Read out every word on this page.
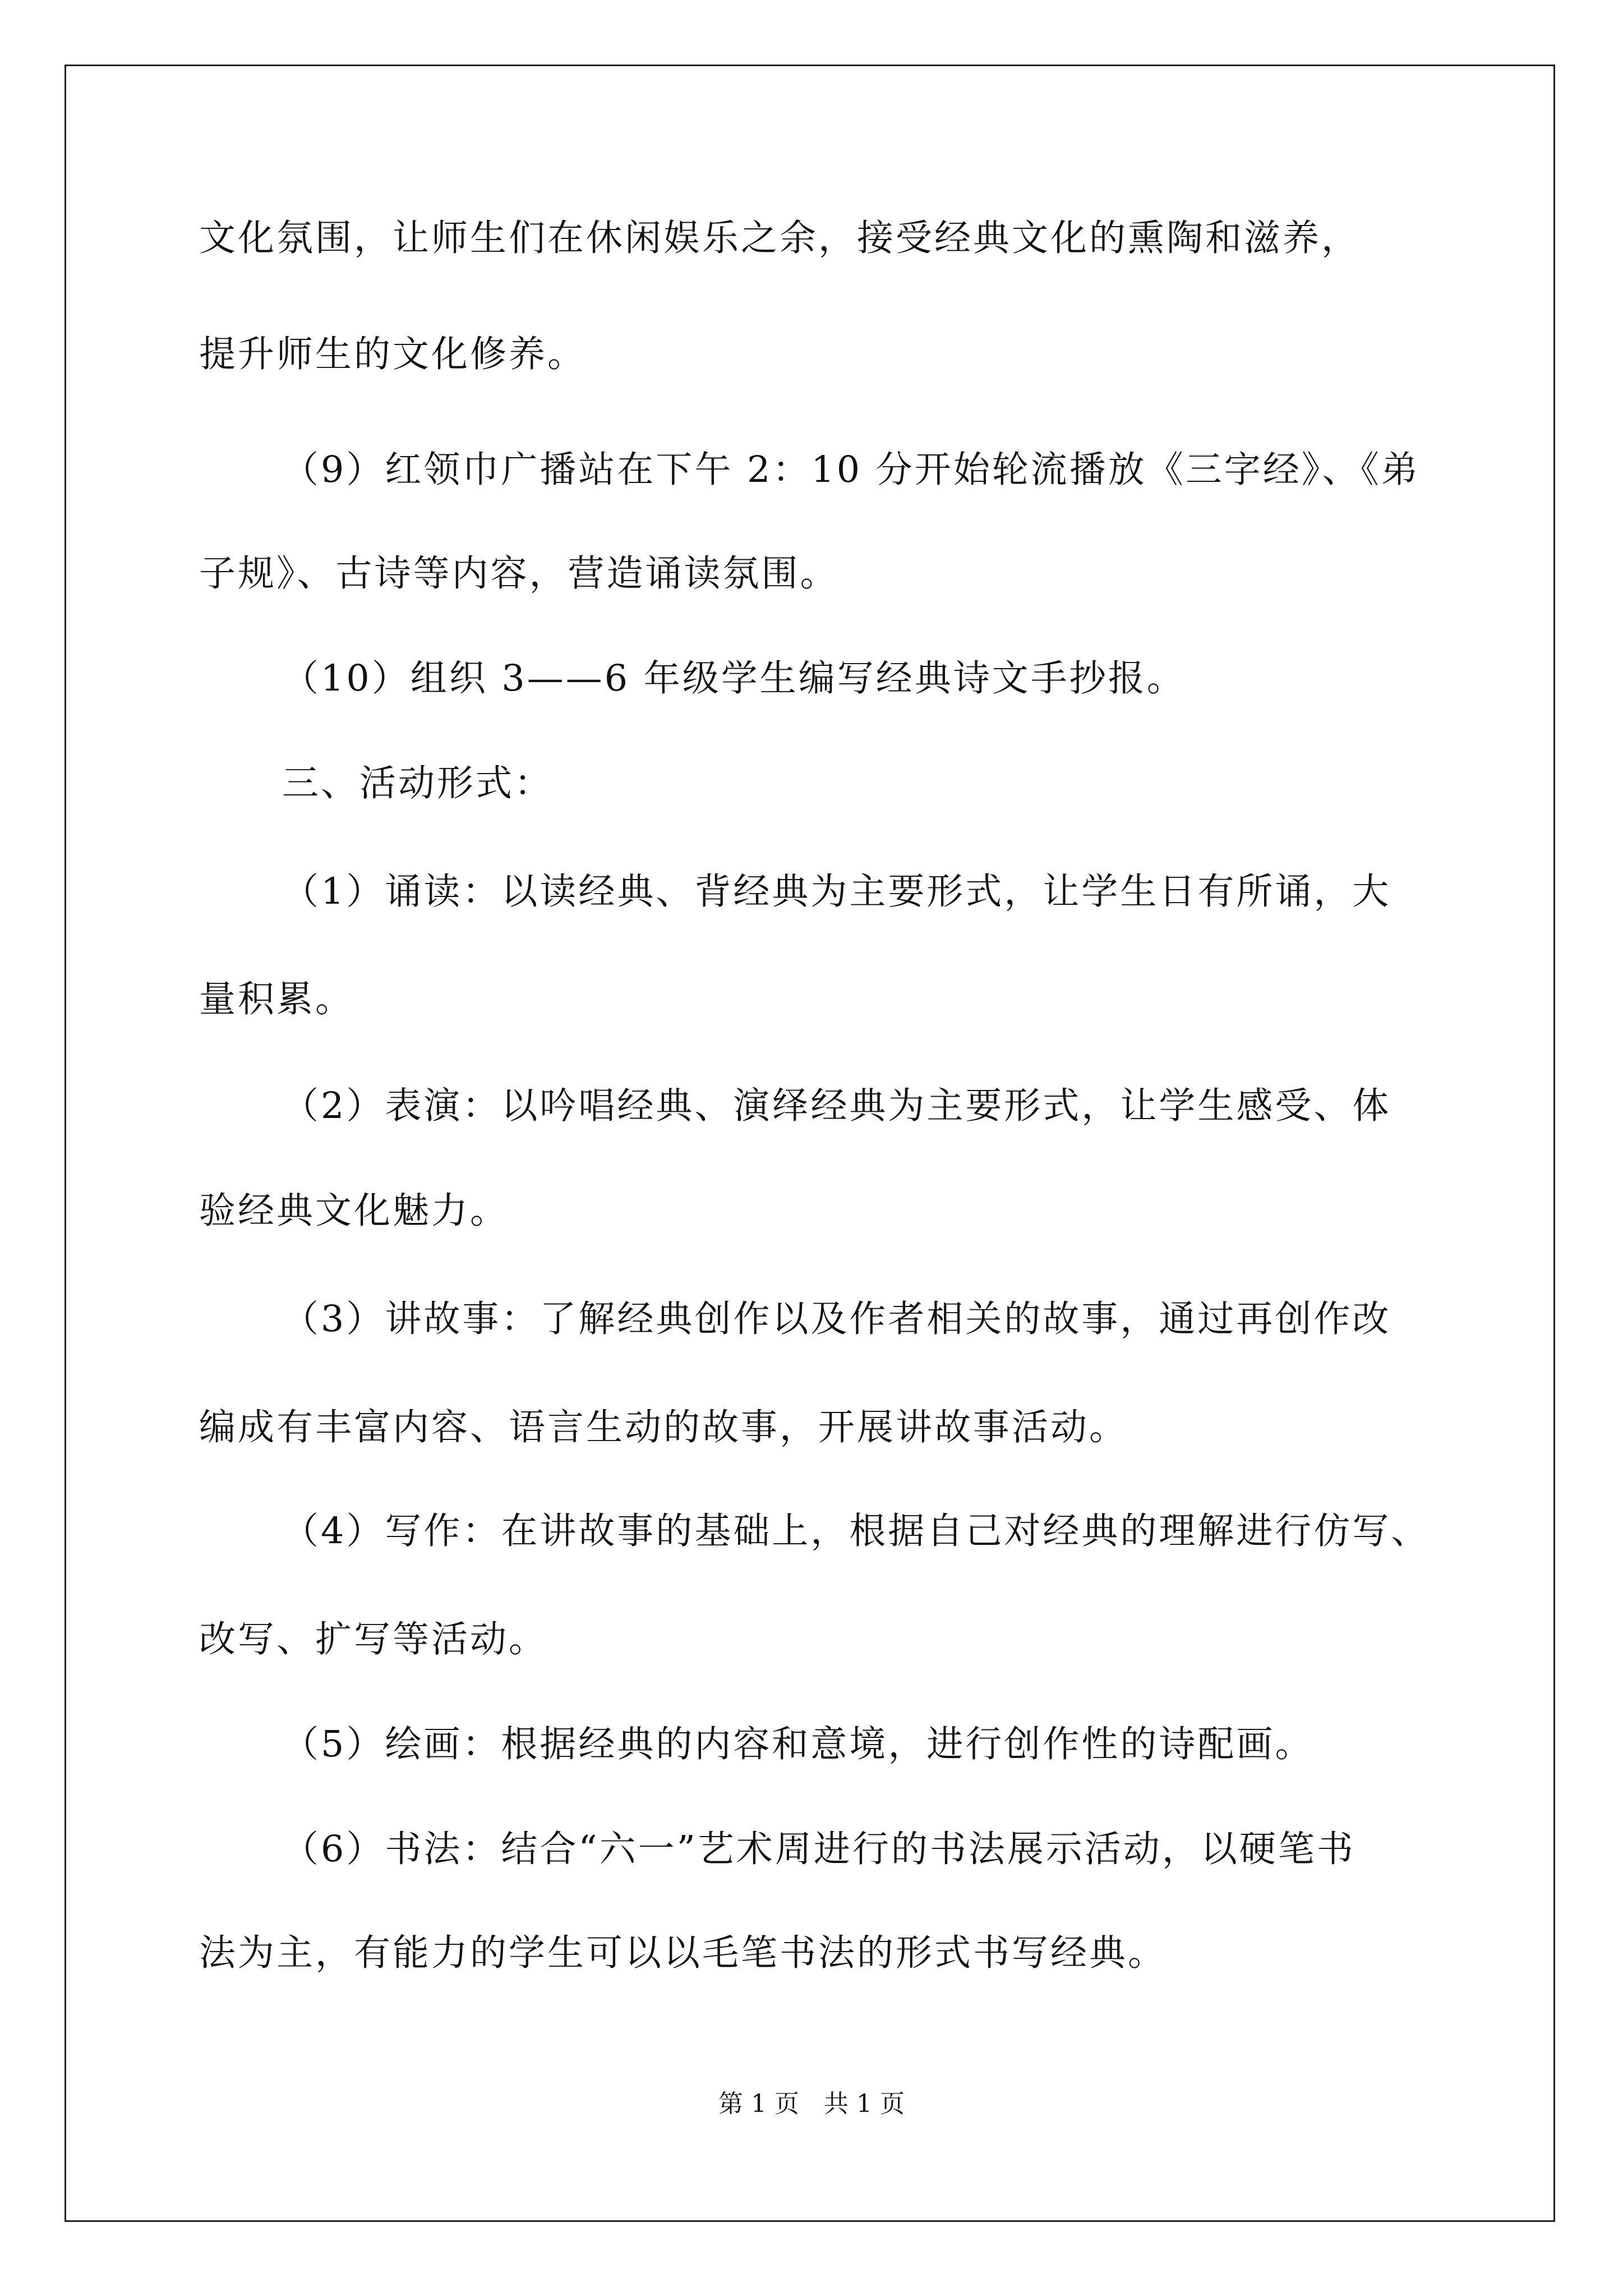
文化氛围，让师生们在休闲娱乐之余，接受经典文化的熏陶和滋养，
提升师生的文化修养。
（9）红领巾广播站在下午 2：10 分开始轮流播放《三字经》、《弟
子规》、古诗等内容，营造诵读氛围。
（10）组织 3——6 年级学生编写经典诗文手抄报。
三、活动形式：
（1）诵读：以读经典、背经典为主要形式，让学生日有所诵，大
量积累。
（2）表演：以吟唱经典、演绎经典为主要形式，让学生感受、体
验经典文化魅力。
（3）讲故事：了解经典创作以及作者相关的故事，通过再创作改
编成有丰富内容、语言生动的故事，开展讲故事活动。
（4）写作：在讲故事的基础上，根据自己对经典的理解进行仿写、
改写、扩写等活动。
（5）绘画：根据经典的内容和意境，进行创作性的诗配画。
（6）书法：结合“六一”艺术周进行的书法展示活动，以硬笔书
法为主，有能力的学生可以以毛笔书法的形式书写经典。
第 1 页　共 1 页
